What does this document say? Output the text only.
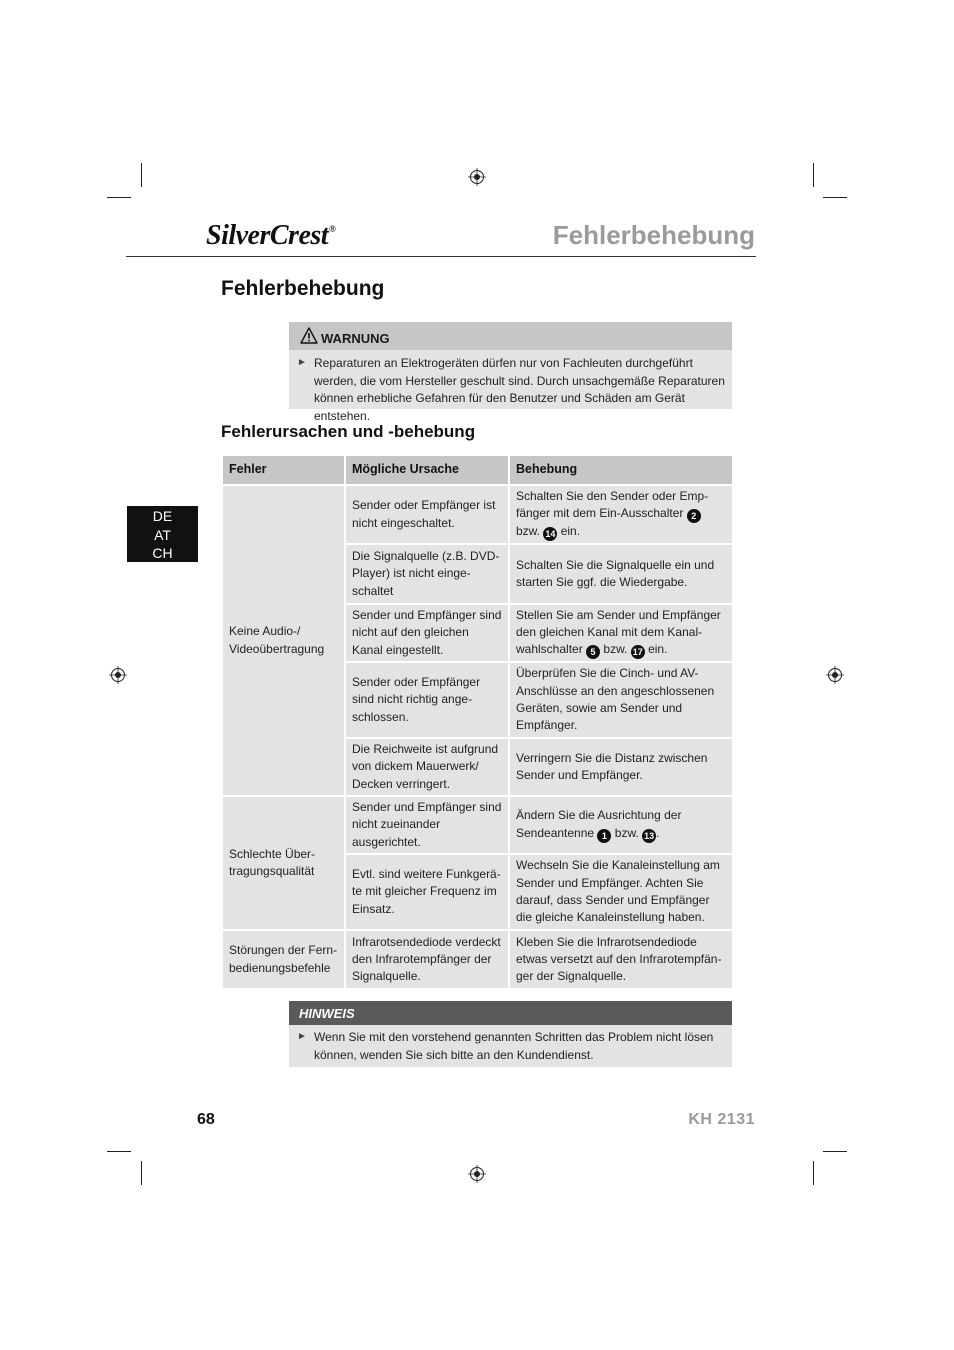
SilverCrest®	Fehlerbehebung
Fehlerbehebung
WARNUNG
► Reparaturen an Elektrogeräten dürfen nur von Fachleuten durchgeführt werden, die vom Hersteller geschult sind. Durch unsachgemäße Reparaturen können erhebliche Gefahren für den Benutzer und Schäden am Gerät entstehen.
Fehlerursachen und -behebung
DE
AT
CH
Fehler	Mögliche Ursache	Behebung
Keine Audio-/ Videoübertragung	Sender oder Empfänger ist nicht eingeschaltet.	Schalten Sie den Sender oder Empfänger mit dem Ein-Ausschalter 2 bzw. 14 ein.
	Die Signalquelle (z.B. DVD-Player) ist nicht eingeschaltet	Schalten Sie die Signalquelle ein und starten Sie ggf. die Wiedergabe.
	Sender und Empfänger sind nicht auf den gleichen Kanal eingestellt.	Stellen Sie am Sender und Empfänger den gleichen Kanal mit dem Kanalwahlschalter 5 bzw. 17 ein.
	Sender oder Empfänger sind nicht richtig angeschlossen.	Überprüfen Sie die Cinch- und AV-Anschlüsse an den angeschlossenen Geräten, sowie am Sender und Empfänger.
	Die Reichweite ist aufgrund von dickem Mauerwerk/ Decken verringert.	Verringern Sie die Distanz zwischen Sender und Empfänger.
Schlechte Übertragungsqualität	Sender und Empfänger sind nicht zueinander ausgerichtet.	Ändern Sie die Ausrichtung der Sendeantenne 1 bzw. 13 .
	Evtl. sind weitere Funkgeräte mit gleicher Frequenz im Einsatz.	Wechseln Sie die Kanaleinstellung am Sender und Empfänger. Achten Sie darauf, dass Sender und Empfänger die gleiche Kanaleinstellung haben.
Störungen der Fernbedienungsbefehle	Infrarotsendediode verdeckt den Infrarotempfänger der Signalquelle.	Kleben Sie die Infrarotsendediode etwas versetzt auf den Infrarotempfänger der Signalquelle.
HINWEIS
► Wenn Sie mit den vorstehend genannten Schritten das Problem nicht lösen können, wenden Sie sich bitte an den Kundendienst.
68	KH 2131
